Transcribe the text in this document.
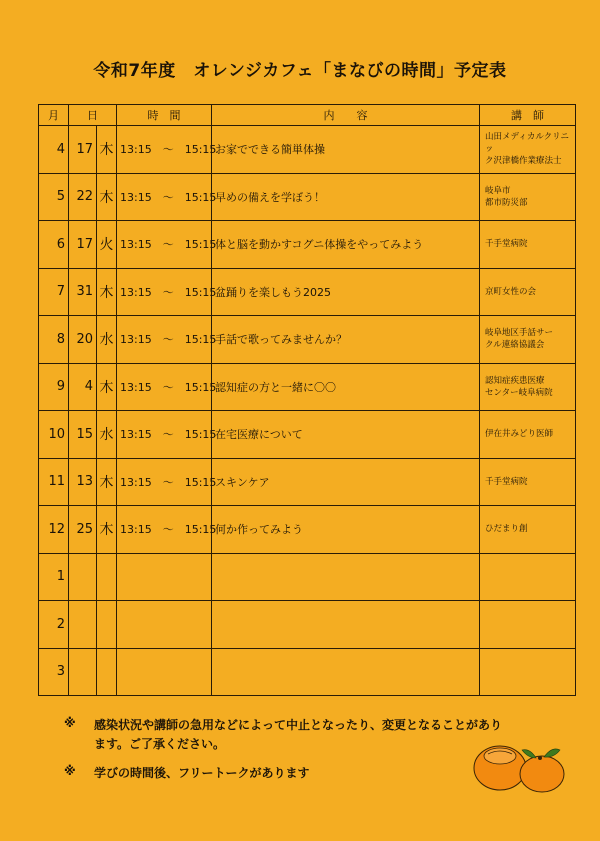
令和7年度　オレンジカフェ「まなびの時間」予定表
月	日		時　間	内　　容	講　師
4	17	木	13:15　～　15:15	お家でできる簡単体操	山田メディカルクリニッ
ク沢津橋作業療法士
5	22	木	13:15　～　15:15	早めの備えを学ぼう！	岐阜市
都市防災部
6	17	火	13:15　～　15:15	体と脳を動かすコグニ体操をやってみよう	千手堂病院
7	31	木	13:15　～　15:15	盆踊りを楽しもう2025	京町女性の会
8	20	水	13:15　～　15:15	手話で歌ってみませんか？	岐阜地区手話サー
クル連絡協議会
9	4	木	13:15　～　15:15	認知症の方と一緒に〇〇	認知症疾患医療
センター岐阜病院
10	15	水	13:15　～　15:15	在宅医療について	伊在井みどり医師
11	13	木	13:15　～　15:15	スキンケア	千手堂病院
12	25	木	13:15　～　15:15	何か作ってみよう	ひだまり創
1					
2					
3					
※	感染状況や講師の急用などによって中止となったり、変更となることがあります。ご了承ください。
※	学びの時間後、フリートークがあります
